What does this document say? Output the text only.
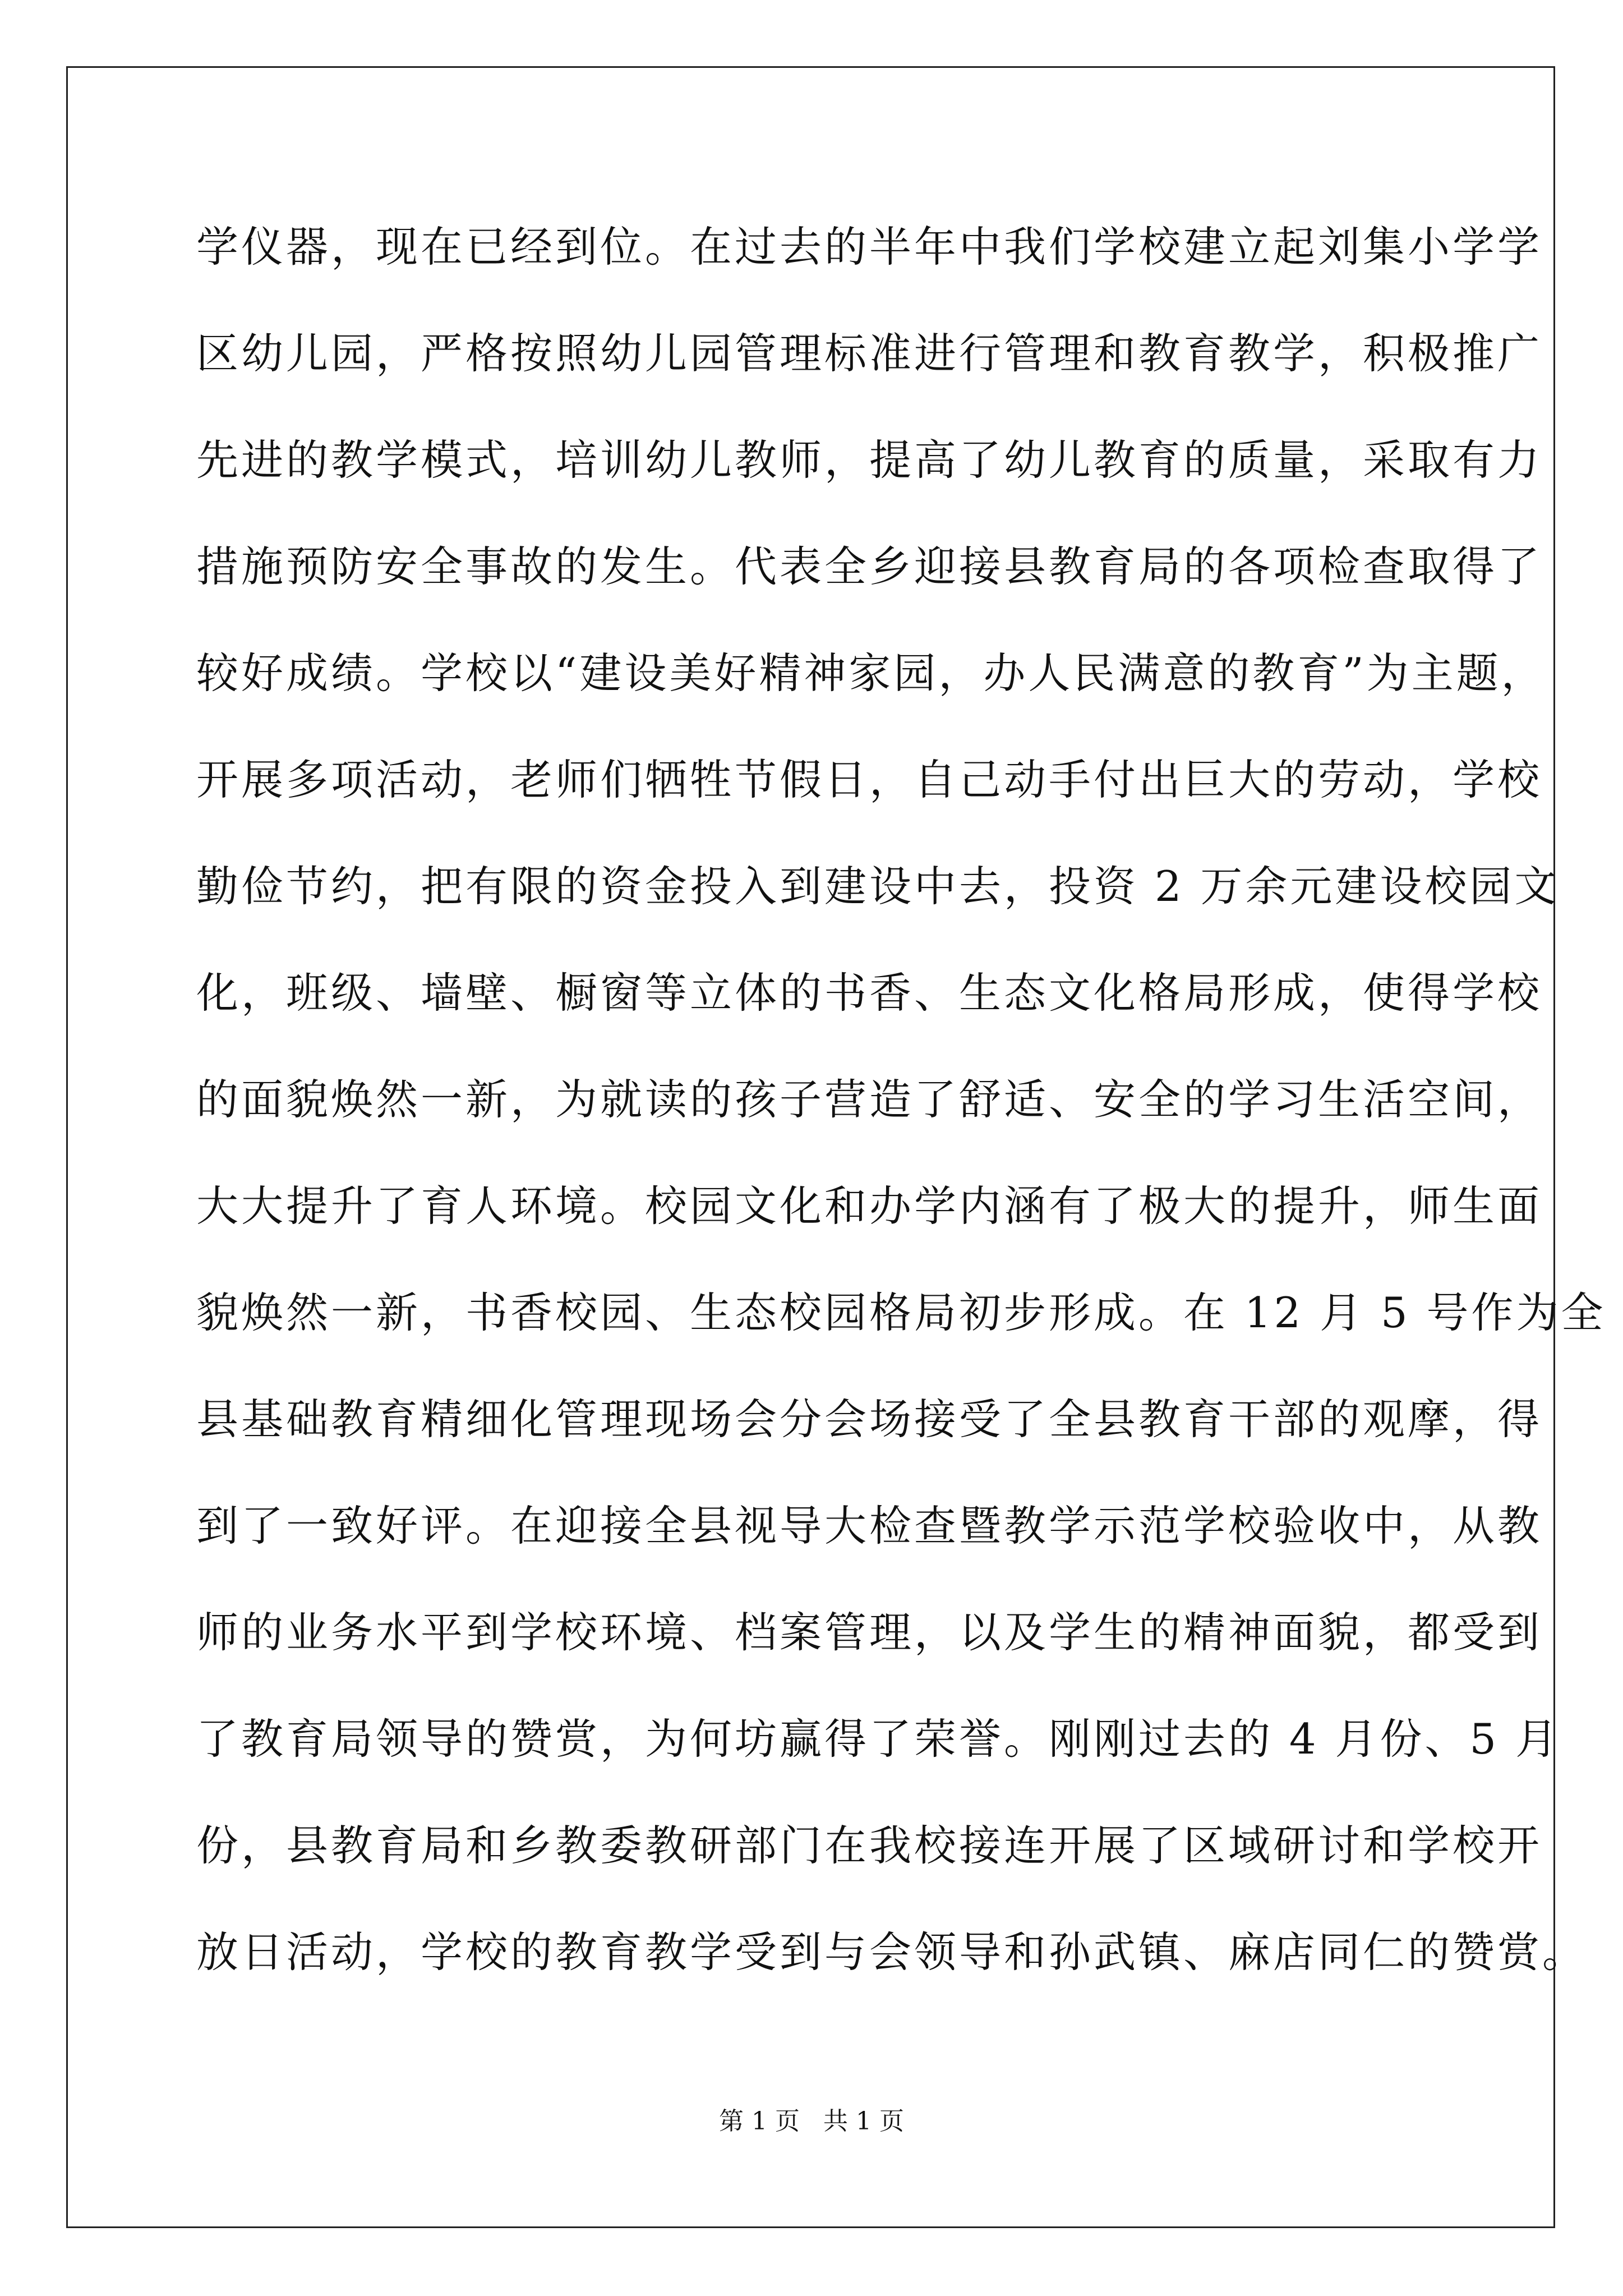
学仪器，现在已经到位。在过去的半年中我们学校建立起刘集小学学
区幼儿园，严格按照幼儿园管理标准进行管理和教育教学，积极推广
先进的教学模式，培训幼儿教师，提高了幼儿教育的质量，采取有力
措施预防安全事故的发生。代表全乡迎接县教育局的各项检查取得了
较好成绩。学校以“建设美好精神家园，办人民满意的教育”为主题，
开展多项活动，老师们牺牲节假日，自己动手付出巨大的劳动，学校
勤俭节约，把有限的资金投入到建设中去，投资 2 万余元建设校园文
化，班级、墙壁、橱窗等立体的书香、生态文化格局形成，使得学校
的面貌焕然一新，为就读的孩子营造了舒适、安全的学习生活空间，
大大提升了育人环境。校园文化和办学内涵有了极大的提升，师生面
貌焕然一新，书香校园、生态校园格局初步形成。在 12 月 5 号作为全
县基础教育精细化管理现场会分会场接受了全县教育干部的观摩，得
到了一致好评。在迎接全县视导大检查暨教学示范学校验收中，从教
师的业务水平到学校环境、档案管理，以及学生的精神面貌，都受到
了教育局领导的赞赏，为何坊赢得了荣誉。刚刚过去的 4 月份、5 月
份，县教育局和乡教委教研部门在我校接连开展了区域研讨和学校开
放日活动，学校的教育教学受到与会领导和孙武镇、麻店同仁的赞赏。
第 1 页 共 1 页
